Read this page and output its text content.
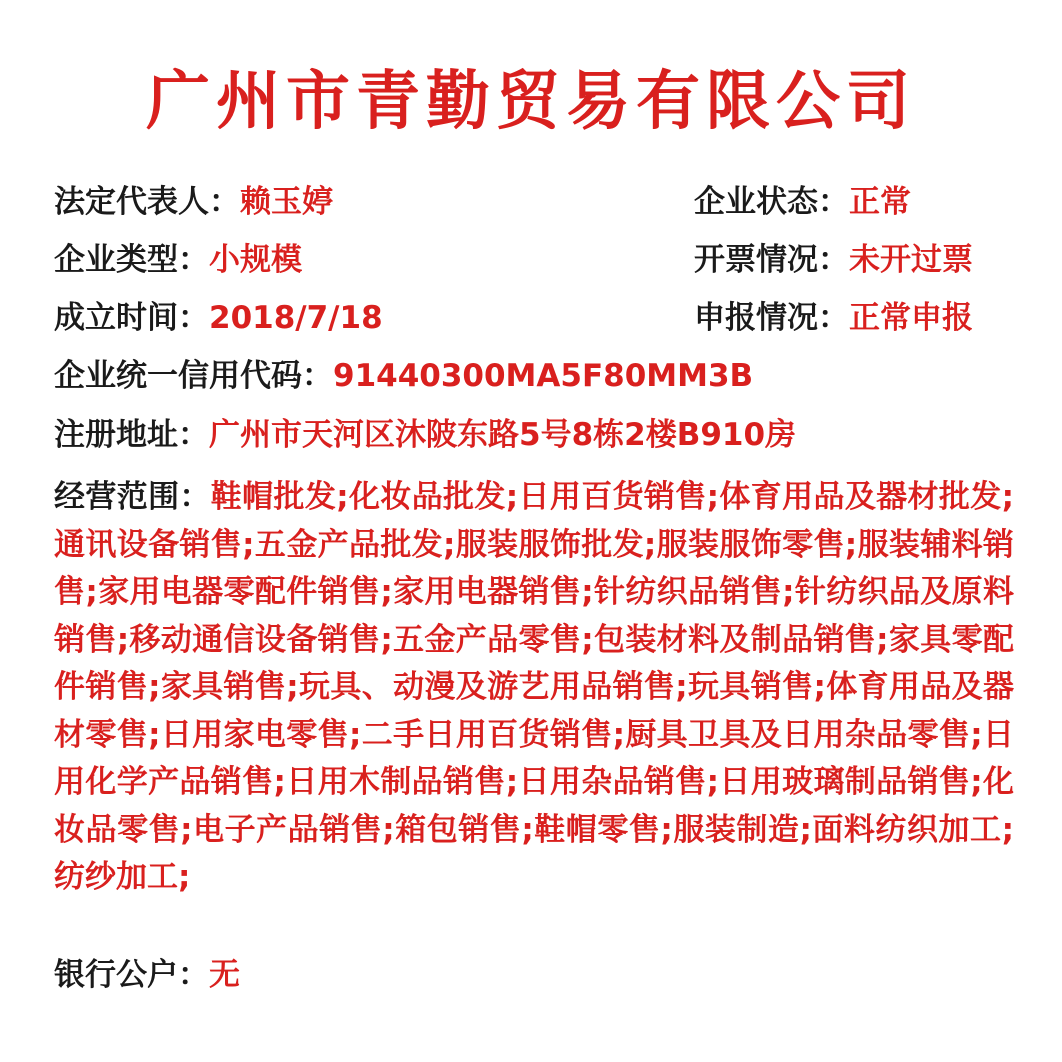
广州市青勤贸易有限公司
法定代表人：赖玉婷	企业状态：正常
企业类型：小规模	开票情况：未开过票
成立时间：2018/7/18	申报情况：正常申报
企业统一信用代码：91440300MA5F80MM3B
注册地址：广州市天河区沐陂东路5号8栋2楼B910房
经营范围：鞋帽批发;化妆品批发;日用百货销售;体育用品及器材批发;通讯设备销售;五金产品批发;服装服饰批发;服装服饰零售;服装辅料销售;家用电器零配件销售;家用电器销售;针纺织品销售;针纺织品及原料销售;移动通信设备销售;五金产品零售;包装材料及制品销售;家具零配件销售;家具销售;玩具、动漫及游艺用品销售;玩具销售;体育用品及器材零售;日用家电零售;二手日用百货销售;厨具卫具及日用杂品零售;日用化学产品销售;日用木制品销售;日用杂品销售;日用玻璃制品销售;化妆品零售;电子产品销售;箱包销售;鞋帽零售;服装制造;面料纺织加工;纺纱加工;
银行公户：无
